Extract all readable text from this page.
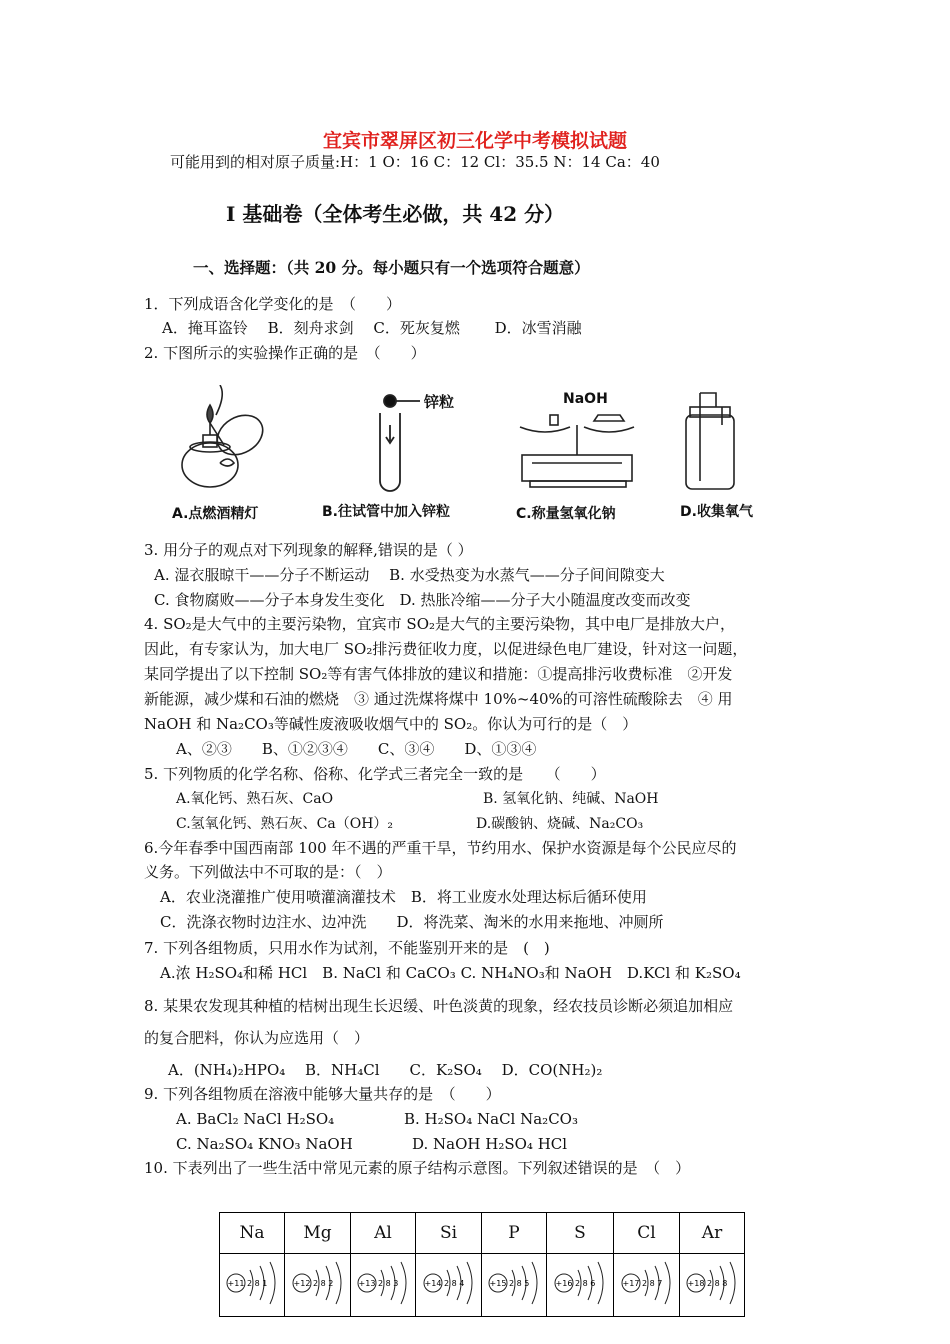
宜宾市翠屏区初三化学中考模拟试题
可能用到的相对原子质量:H：1 O：16 C：12 Cl：35.5 N：14 Ca：40
I 基础卷（全体考生必做，共 42 分）
一、选择题：（共 20 分。每小题只有一个选项符合题意）
1．下列成语含化学变化的是　（　　）
A．掩耳盗铃　 B．刻舟求剑　 C．死灰复燃　　 D．冰雪消融
2. 下图所示的实验操作正确的是　（　　）
锌粒	NaOH
A.点燃酒精灯	B.往试管中加入锌粒	C.称量氢氧化钠	D.收集氧气
3. 用分子的观点对下列现象的解释,错误的是（ ）
A. 湿衣服晾干——分子不断运动　 B. 水受热变为水蒸气——分子间间隙变大
C. 食物腐败——分子本身发生变化　D. 热胀冷缩——分子大小随温度改变而改变
4. SO₂是大气中的主要污染物，宜宾市 SO₂是大气的主要污染物，其中电厂是排放大户，
因此，有专家认为，加大电厂 SO₂排污费征收力度，以促进绿色电厂建设，针对这一问题，
某同学提出了以下控制 SO₂等有害气体排放的建议和措施：①提高排污收费标准　②开发
新能源，减少煤和石油的燃烧　③ 通过洗煤将煤中 10%~40%的可溶性硫酸除去　④ 用
NaOH 和 Na₂CO₃等碱性废液吸收烟气中的 SO₂。你认为可行的是（　）
A、②③　　B、①②③④　　C、③④　　D、①③④
5. 下列物质的化学名称、俗称、化学式三者完全一致的是　　（　　）
A.氧化钙、熟石灰、CaO	B. 氢氧化钠、纯碱、NaOH
C.氢氧化钙、熟石灰、Ca（OH）₂	D.碳酸钠、烧碱、Na₂CO₃
6.今年春季中国西南部 100 年不遇的严重干旱，节约用水、保护水资源是每个公民应尽的
义务。下列做法中不可取的是：（　）
A．农业浇灌推广使用喷灌滴灌技术　B．将工业废水处理达标后循环使用
C．洗涤衣物时边注水、边冲洗　　D．将洗菜、淘米的水用来拖地、冲厕所
7. 下列各组物质，只用水作为试剂，不能鉴别开来的是　(　)
A.浓 H₂SO₄和稀 HCl　B. NaCl 和 CaCO₃ C. NH₄NO₃和 NaOH　D.KCl 和 K₂SO₄
8. 某果农发现其种植的桔树出现生长迟缓、叶色淡黄的现象，经农技员诊断必须追加相应
的复合肥料，你认为应选用（　）
A．(NH₄)₂HPO₄　 B．NH₄Cl　　C．K₂SO₄　 D．CO(NH₂)₂
9. 下列各组物质在溶液中能够大量共存的是　（　　）
A. BaCl₂ NaCl H₂SO₄	B. H₂SO₄ NaCl Na₂CO₃
C. Na₂SO₄ KNO₃ NaOH	D. NaOH H₂SO₄ HCl
10. 下表列出了一些生活中常见元素的原子结构示意图。下列叙述错误的是　（　）
Na	Mg	Al	Si	P	S	Cl	Ar

+11 2 8 1	+12 2 8 2	+13 2 8 3	+14 2 8 4	+15 2 8 5	+16 2 8 6	+17 2 8 7	+18 2 8 8
